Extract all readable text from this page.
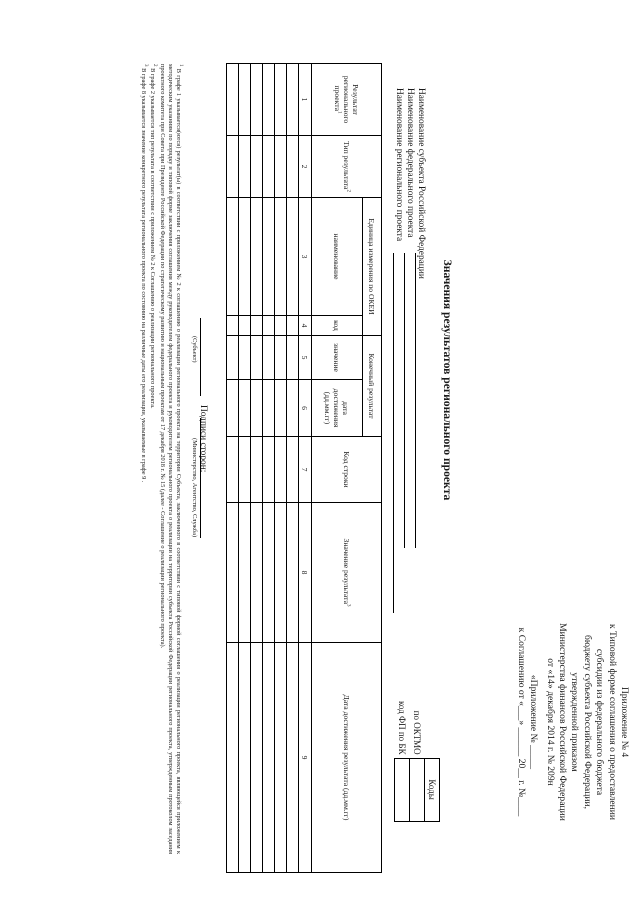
Приложение № 4
к Типовой форме соглашения о предоставлении
субсидии из федерального бюджета
бюджету субъекта Российской Федерации,
утвержденной приказом
Министерства финансов Российской Федерации
от «14» декабря 2014 г. № 209н
«Приложение № _____
к Соглашению от «___» ______ 20__ г. №____
	Коды
по ОКТМО	
код ФП по БК	
Значения результатов регионального проекта
Наименование субъекта Российской Федерации
Наименование федерального проекта
Наименование регионального проекта
Результат регионального проекта$^1$	Тип результата$^2$	Единица измерения по ОКЕИ		Конечный результат		Код строки	Значение результата$^3$	Дата достижения результата (дд.мм.гг)
		наименование	код	значение	дата достижения (дд.мм.гг)			
1	2	3	4	5	6	7	8	9

Подписи сторон:
(Субъект)
(Министерство, Агентство, Служба)

$^1$ В графе 1 указывается(ются) результат(ы) в соответствии с приложением № 2 к соглашению о реализации регионального проекта на территории Субъекта, заключенного в соответствии с типовой формой соглашения о реализации регионального проекта, являющейся приложением к методическим указаниям по порядку и типовой форме заключения соглашения между руководителем федерального проекта и руководителем регионального проекта о реализации на территории субъекта Российской Федерации регионального проекта, утвержденным протоколом заседания проектного комитета при Совета при Президенте Российской Федерации по стратегическому развитию и национальным проектам от 17 декабря 2018 г. № 15 (далее - Соглашение о реализации регионального проекта).

$^2$ В графе 2 указывается тип результата в соответствии с приложением № 2 к Соглашению о реализации регионального проекта.

$^3$ В графе 8 указывается значение конкретного результата регионального проекта по состоянию на различные даты его реализации, указываемые в графе 9 .
